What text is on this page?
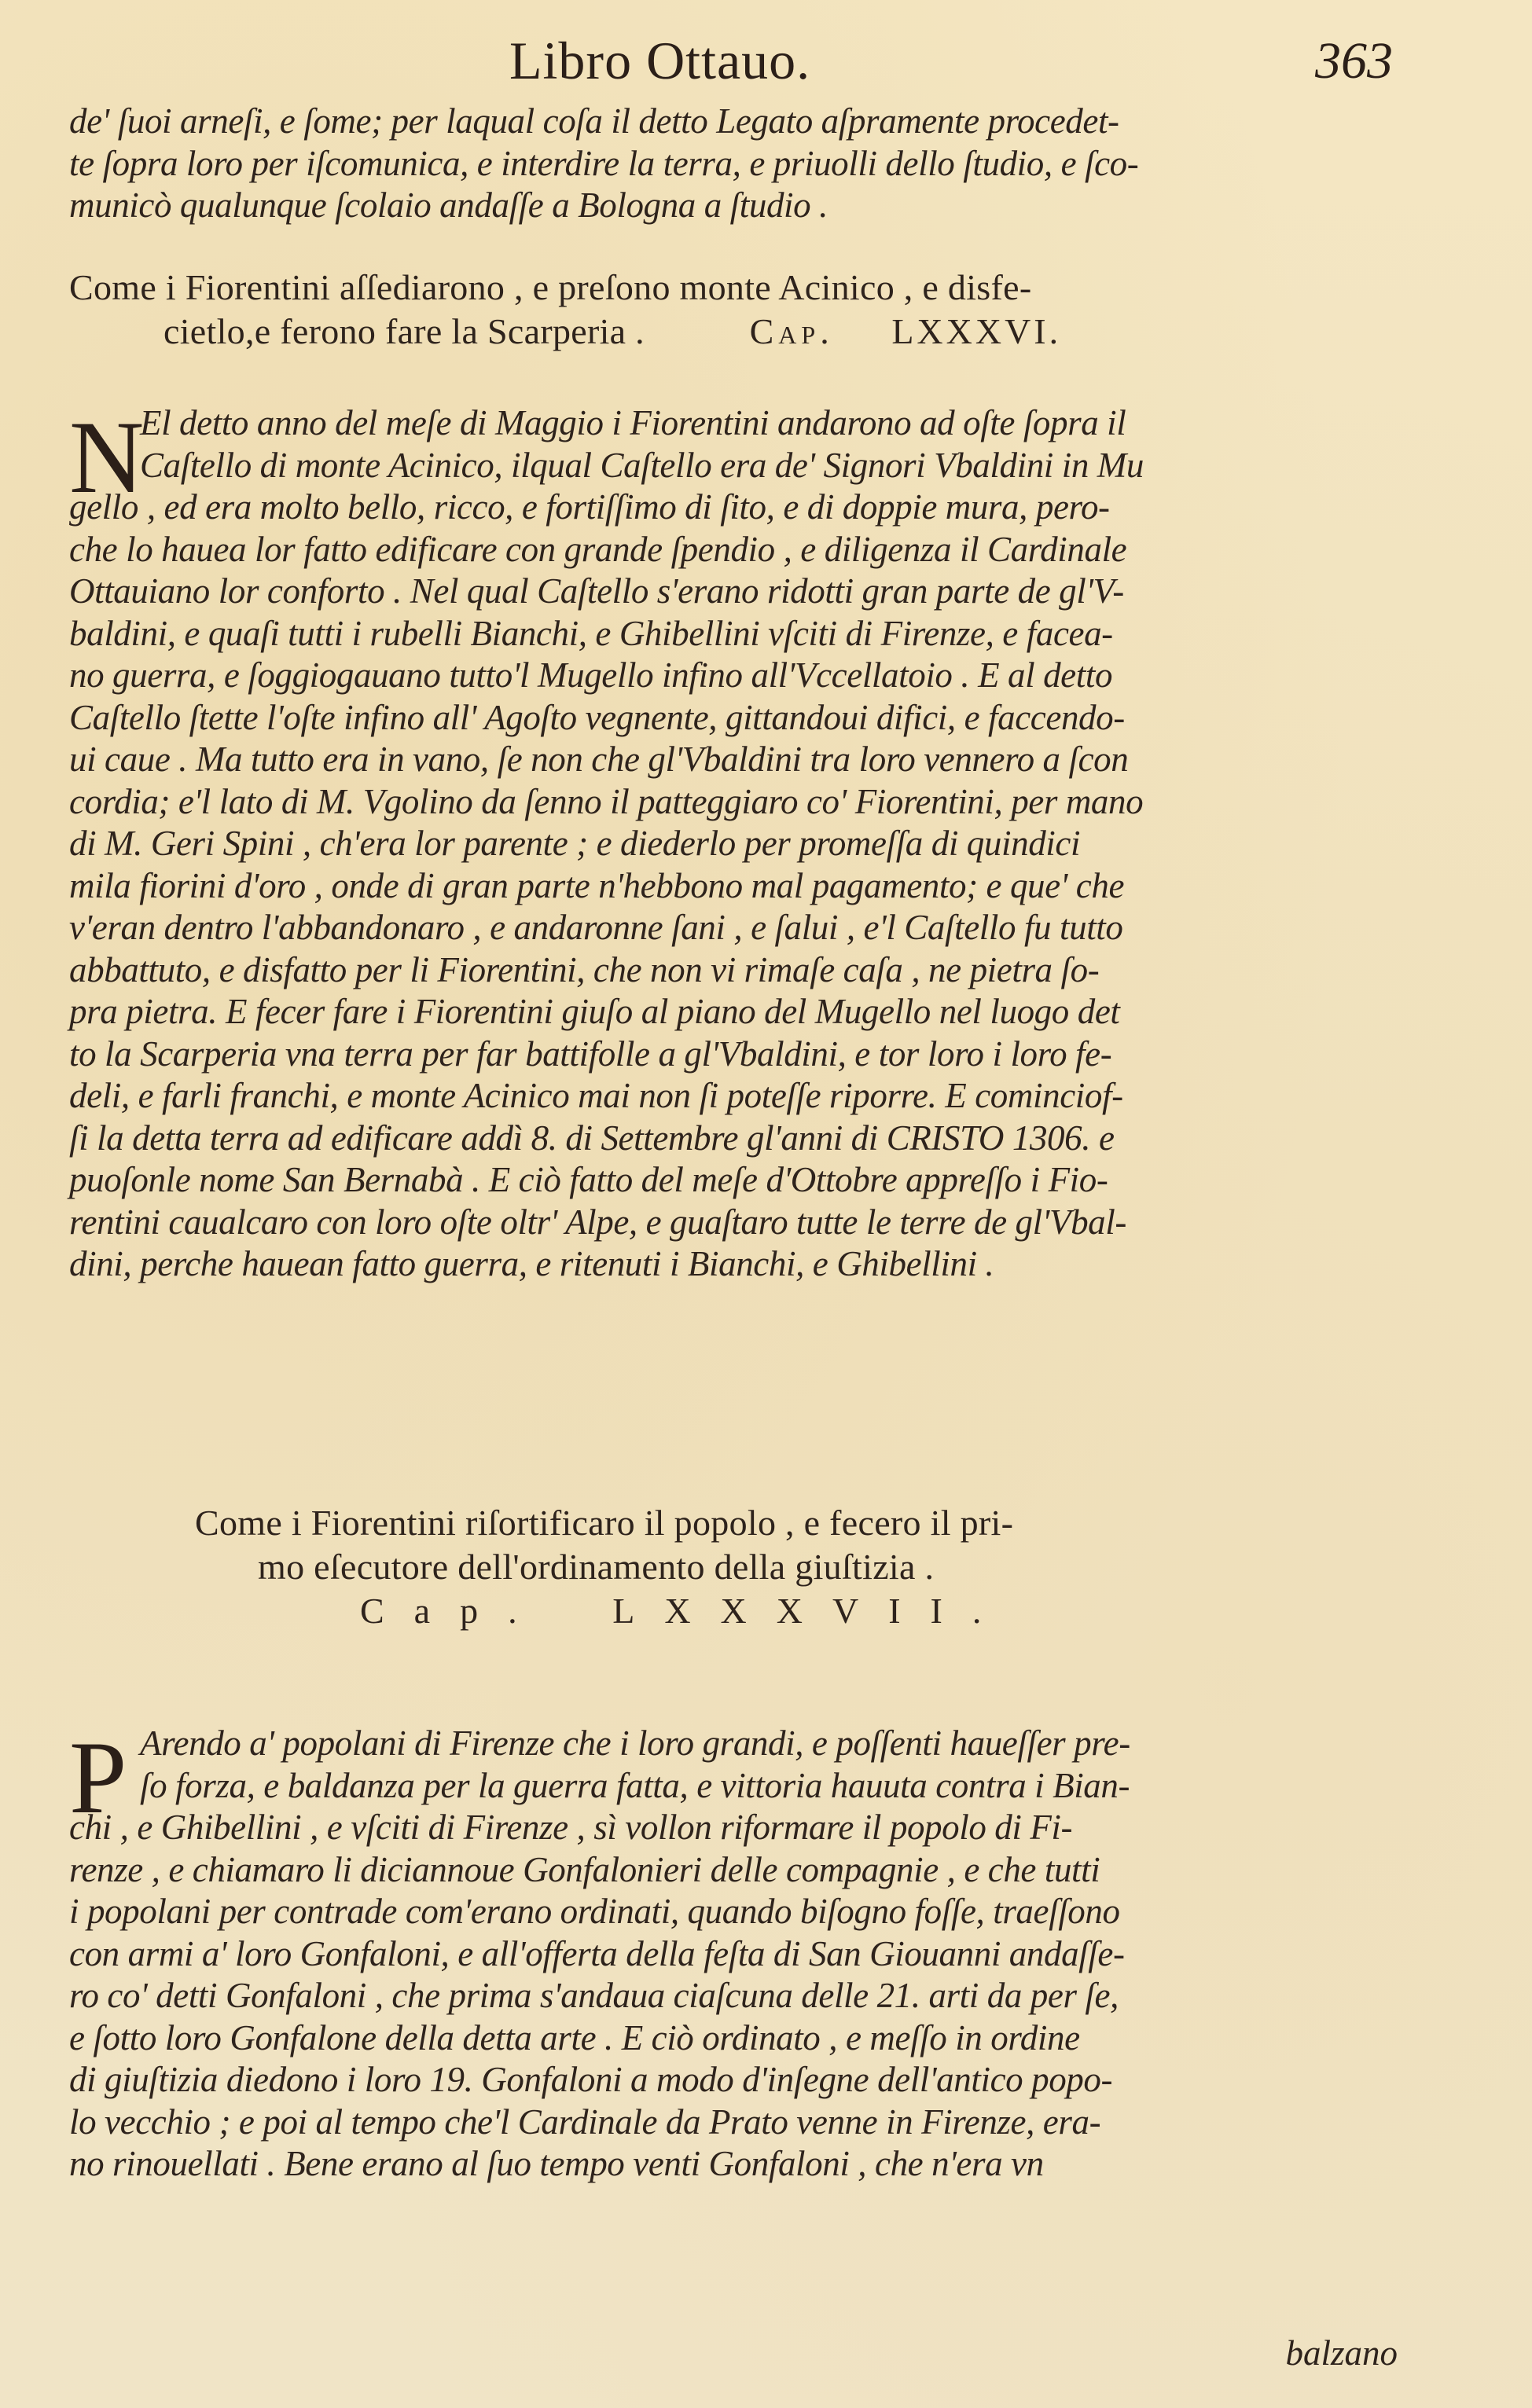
Libro Ottauo.	363
de' ſuoi arneſi, e ſome; per laqual coſa il detto Legato aſpramente procedet-
te ſopra loro per iſcomunica, e interdire la terra, e priuolli dello ſtudio, e ſco-
municò qualunque ſcolaio andaſſe a Bologna a ſtudio .
Come i Fiorentini aſſediarono , e preſono monte Acinico , e disfe-
cietlo,e ferono fare la Scarperia .	Cap. LXXXVI.
N
El detto anno del meſe di Maggio i Fiorentini andarono ad oſte ſopra il
Caſtello di monte Acinico, ilqual Caſtello era de' Signori Vbaldini in Mu
gello , ed era molto bello, ricco, e fortiſſimo di ſito, e di doppie mura, pero-
che lo hauea lor fatto edificare con grande ſpendio , e diligenza il Cardinale
Ottauiano lor conforto . Nel qual Caſtello s'erano ridotti gran parte de gl'V-
baldini, e quaſi tutti i rubelli Bianchi, e Ghibellini vſciti di Firenze, e facea-
no guerra, e ſoggiogauano tutto'l Mugello infino all'Vccellatoio . E al detto
Caſtello ſtette l'oſte infino all' Agoſto vegnente, gittandoui difici, e faccendo-
ui caue . Ma tutto era in vano, ſe non che gl'Vbaldini tra loro vennero a ſcon
cordia; e'l lato di M. Vgolino da ſenno il patteggiaro co' Fiorentini, per mano
di M. Geri Spini , ch'era lor parente ; e diederlo per promeſſa di quindici
mila fiorini d'oro , onde di gran parte n'hebbono mal pagamento; e que' che
v'eran dentro l'abbandonaro , e andaronne ſani , e ſalui , e'l Caſtello fu tutto
abbattuto, e disfatto per li Fiorentini, che non vi rimaſe caſa , ne pietra ſo-
pra pietra. E fecer fare i Fiorentini giuſo al piano del Mugello nel luogo det
to la Scarperia vna terra per far battifolle a gl'Vbaldini, e tor loro i loro fe-
deli, e farli franchi, e monte Acinico mai non ſi poteſſe riporre. E cominciof-
ſi la detta terra ad edificare addì 8. di Settembre gl'anni di CRISTO 1306. e
puoſonle nome San Bernabà . E ciò fatto del meſe d'Ottobre appreſſo i Fio-
rentini caualcaro con loro oſte oltr' Alpe, e guaſtaro tutte le terre de gl'Vbal-
dini, perche hauean fatto guerra, e ritenuti i Bianchi, e Ghibellini .
Come i Fiorentini riſortificaro il popolo , e fecero il pri-
mo eſecutore dell'ordinamento della giuſtizia .
Cap. LXXXVII.
P Arendo a' popolani di Firenze che i loro grandi, e poſſenti haueſſer pre-
ſo forza, e baldanza per la guerra fatta, e vittoria hauuta contra i Bian-
chi , e Ghibellini , e vſciti di Firenze , sì vollon riformare il popolo di Fi-
renze , e chiamaro li diciannoue Gonfalonieri delle compagnie , e che tutti
i popolani per contrade com'erano ordinati, quando biſogno foſſe, traeſſono
con armi a' loro Gonfaloni, e all'offerta della feſta di San Giouanni andaſſe-
ro co' detti Gonfaloni , che prima s'andaua ciaſcuna delle 21. arti da per ſe,
e ſotto loro Gonfalone della detta arte . E ciò ordinato , e meſſo in ordine
di giuſtizia diedono i loro 19. Gonfaloni a modo d'inſegne dell'antico popo-
lo vecchio ; e poi al tempo che'l Cardinale da Prato venne in Firenze, era-
no rinouellati . Bene erano al ſuo tempo venti Gonfaloni , che n'era vn
balzano
